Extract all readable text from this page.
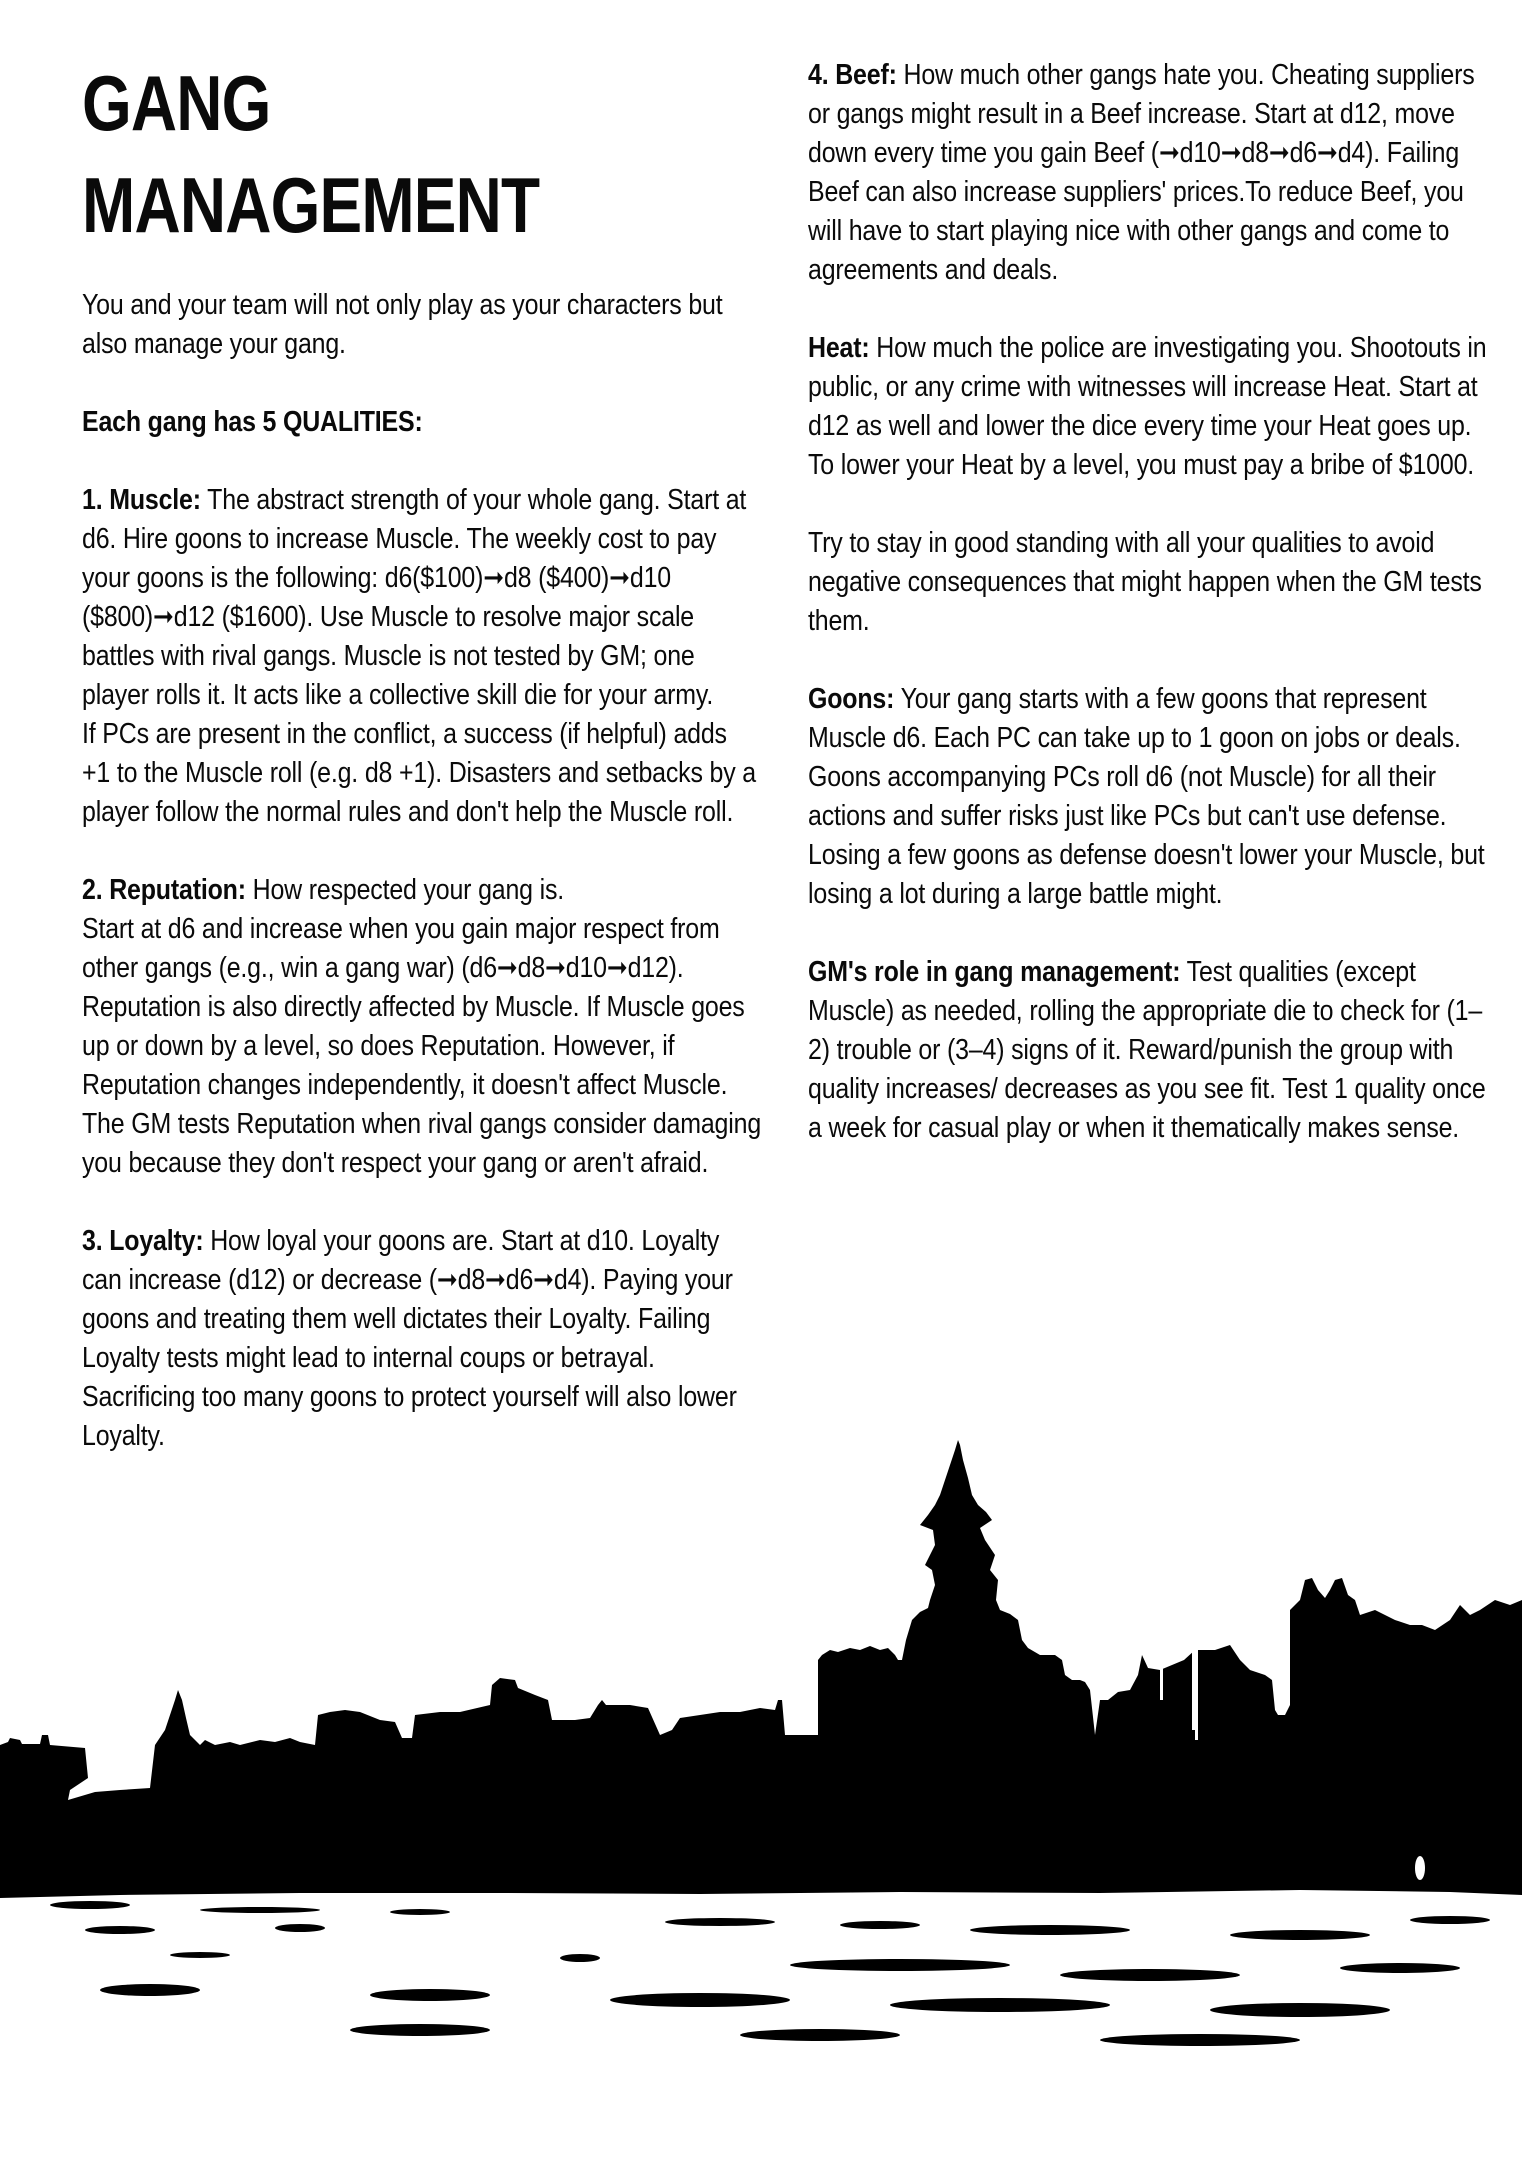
GANG
MANAGEMENT

You and your team will not only play as your characters but also manage your gang.

Each gang has 5 QUALITIES:

1. Muscle: The abstract strength of your whole gang. Start at d6. Hire goons to increase Muscle. The weekly cost to pay your goons is the following: d6($100)➞d8 ($400)➞d10 ($800)➞d12 ($1600). Use Muscle to resolve major scale battles with rival gangs. Muscle is not tested by GM; one player rolls it. It acts like a collective skill die for your army.
If PCs are present in the conflict, a success (if helpful) adds +1 to the Muscle roll (e.g. d8 +1). Disasters and setbacks by a player follow the normal rules and don't help the Muscle roll.

2. Reputation: How respected your gang is.
Start at d6 and increase when you gain major respect from other gangs (e.g., win a gang war) (d6➞d8➞d10➞d12). Reputation is also directly affected by Muscle. If Muscle goes up or down by a level, so does Reputation. However, if Reputation changes independently, it doesn't affect Muscle. The GM tests Reputation when rival gangs consider damaging you because they don't respect your gang or aren't afraid.

3. Loyalty: How loyal your goons are. Start at d10. Loyalty can increase (d12) or decrease (➞d8➞d6➞d4). Paying your goons and treating them well dictates their Loyalty. Failing Loyalty tests might lead to internal coups or betrayal. Sacrificing too many goons to protect yourself will also lower Loyalty.

4. Beef: How much other gangs hate you. Cheating suppliers or gangs might result in a Beef increase. Start at d12, move down every time you gain Beef (➞d10➞d8➞d6➞d4). Failing Beef can also increase suppliers' prices.To reduce Beef, you will have to start playing nice with other gangs and come to agreements and deals.

Heat: How much the police are investigating you. Shootouts in public, or any crime with witnesses will increase Heat. Start at d12 as well and lower the dice every time your Heat goes up. To lower your Heat by a level, you must pay a bribe of $1000.

Try to stay in good standing with all your qualities to avoid negative consequences that might happen when the GM tests them.

Goons: Your gang starts with a few goons that represent Muscle d6. Each PC can take up to 1 goon on jobs or deals. Goons accompanying PCs roll d6 (not Muscle) for all their actions and suffer risks just like PCs but can't use defense. Losing a few goons as defense doesn't lower your Muscle, but losing a lot during a large battle might.

GM's role in gang management: Test qualities (except Muscle) as needed, rolling the appropriate die to check for (1– 2) trouble or (3–4) signs of it. Reward/punish the group with quality increases/ decreases as you see fit. Test 1 quality once a week for casual play or when it thematically makes sense.
